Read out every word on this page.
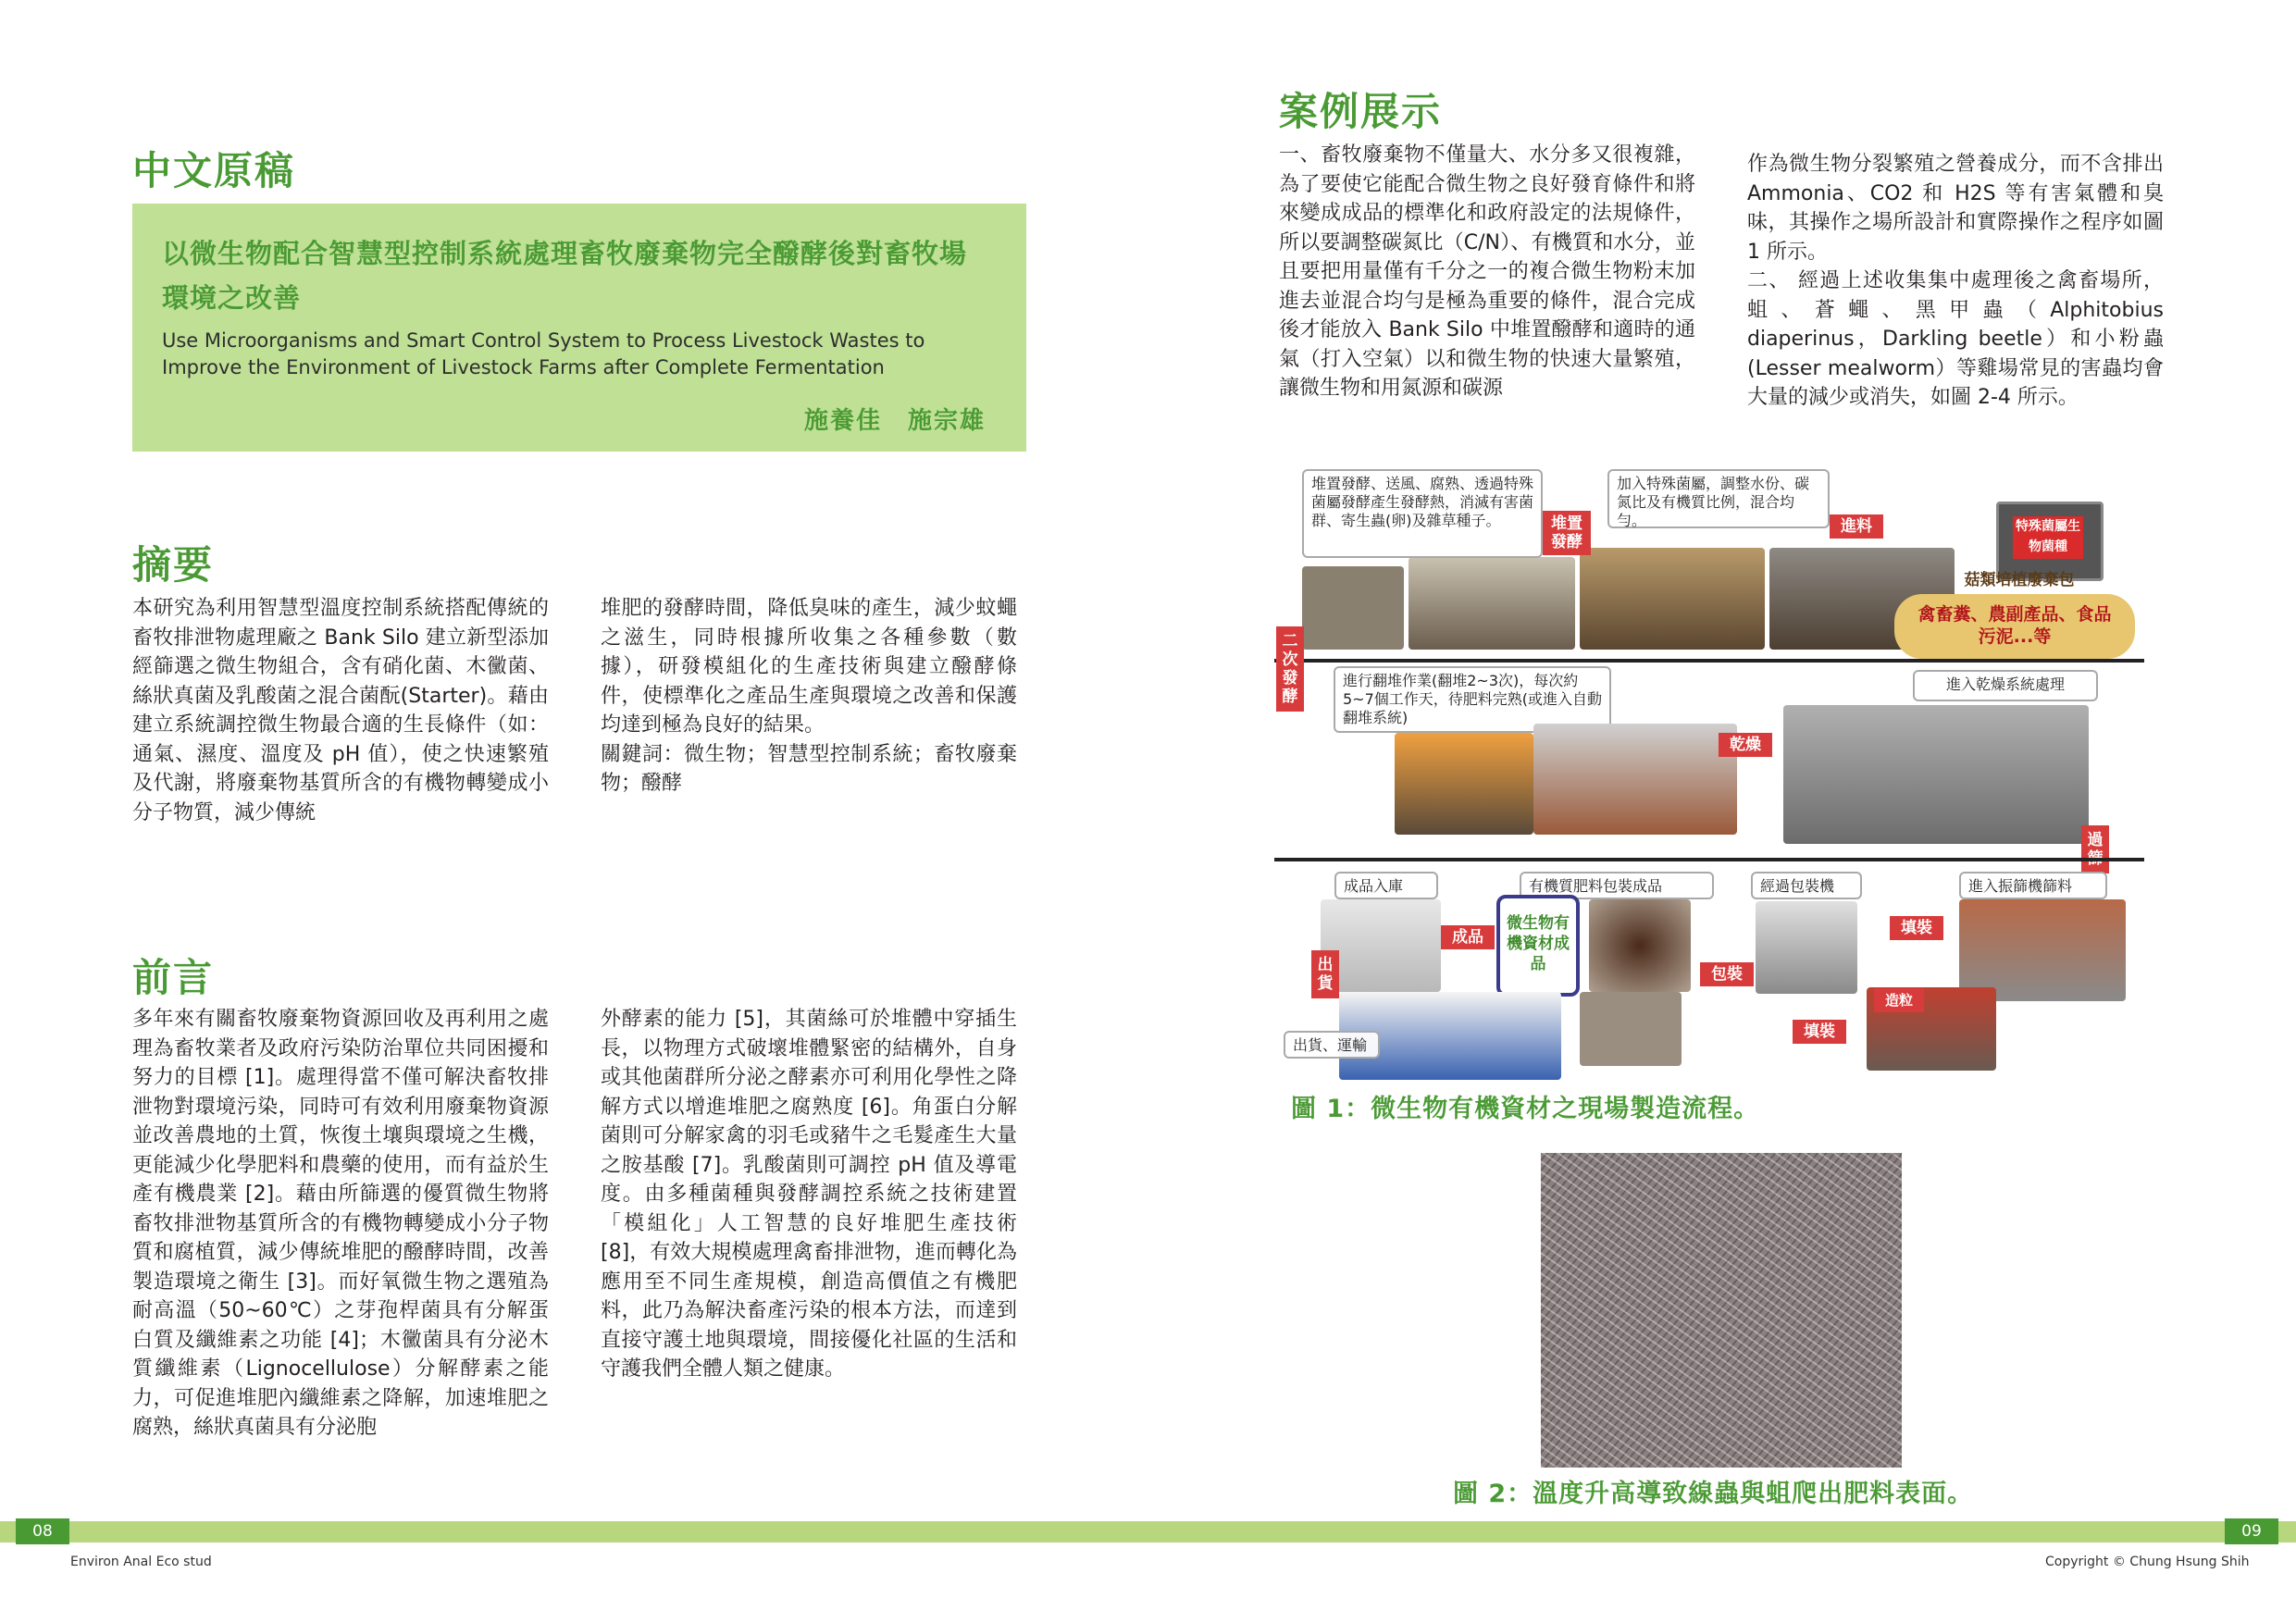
中文原稿
以微生物配合智慧型控制系統處理畜牧廢棄物完全醱酵後對畜牧場環境之改善
Use Microorganisms and Smart Control System to Process Livestock Wastes to Improve the Environment of Livestock Farms after Complete Fermentation
施養佳　施宗雄
摘要

本研究為利用智慧型溫度控制系統搭配傳統的畜牧排泄物處理廠之 Bank Silo 建立新型添加經篩選之微生物組合，含有硝化菌、木黴菌、絲狀真菌及乳酸菌之混合菌酛(Starter)。藉由建立系統調控微生物最合適的生長條件（如：通氣、濕度、溫度及 pH 值），使之快速繁殖及代謝，將廢棄物基質所含的有機物轉變成小分子物質，減少傳統

堆肥的發酵時間，降低臭味的產生，減少蚊蠅之滋生，同時根據所收集之各種參數（數據），研發模組化的生產技術與建立醱酵條件，使標準化之產品生產與環境之改善和保護均達到極為良好的結果。

關鍵詞：微生物；智慧型控制系統；畜牧廢棄物；醱酵

前言

多年來有關畜牧廢棄物資源回收及再利用之處理為畜牧業者及政府污染防治單位共同困擾和努力的目標 [1]。處理得當不僅可解決畜牧排泄物對環境污染，同時可有效利用廢棄物資源並改善農地的土質，恢復土壤與環境之生機，更能減少化學肥料和農藥的使用，而有益於生產有機農業 [2]。藉由所篩選的優質微生物將畜牧排泄物基質所含的有機物轉變成小分子物質和腐植質，減少傳統堆肥的醱酵時間，改善製造環境之衛生 [3]。而好氧微生物之選殖為耐高溫（50~60℃）之芽孢桿菌具有分解蛋白質及纖維素之功能 [4]；木黴菌具有分泌木質纖維素（Lignocellulose）分解酵素之能力，可促進堆肥內纖維素之降解，加速堆肥之腐熟，絲狀真菌具有分泌胞

外酵素的能力 [5]，其菌絲可於堆體中穿插生長，以物理方式破壞堆體緊密的結構外，自身或其他菌群所分泌之酵素亦可利用化學性之降解方式以增進堆肥之腐熟度 [6]。角蛋白分解菌則可分解家禽的羽毛或豬牛之毛髮產生大量之胺基酸 [7]。乳酸菌則可調控 pH 值及導電度。由多種菌種與發酵調控系統之技術建置「模組化」人工智慧的良好堆肥生產技術 [8]，有效大規模處理禽畜排泄物，進而轉化為應用至不同生產規模，創造高價值之有機肥料，此乃為解決畜產污染的根本方法，而達到直接守護土地與環境，間接優化社區的生活和守護我們全體人類之健康。

案例展示

一、畜牧廢棄物不僅量大、水分多又很複雜，為了要使它能配合微生物之良好發育條件和將來變成成品的標準化和政府設定的法規條件，所以要調整碳氮比（C/N）、有機質和水分，並且要把用量僅有千分之一的複合微生物粉末加進去並混合均勻是極為重要的條件，混合完成後才能放入 Bank Silo 中堆置醱酵和適時的通氣（打入空氣）以和微生物的快速大量繁殖，讓微生物和用氮源和碳源

作為微生物分裂繁殖之營養成分，而不含排出 Ammonia、CO2 和 H2S 等有害氣體和臭味，其操作之場所設計和實際操作之程序如圖 1 所示。

二、 經過上述收集集中處理後之禽畜場所，蛆、蒼蠅、黑甲蟲（Alphitobius diaperinus，Darkling beetle）和小粉蟲(Lesser mealworm）等雞場常見的害蟲均會大量的減少或消失，如圖 2-4 所示。

特殊菌屬生物菌種
菇類培植廢棄包
禽畜糞、農副產品、食品污泥...等
堆置發酵、送風、腐熟、透過特殊菌屬發酵產生發酵熱，消滅有害菌群、寄生蟲(卵)及雜草種子。
加入特殊菌屬，調整水份、碳氮比及有機質比例，混合均勻。
堆置發酵
進料
二次發酵
進行翻堆作業(翻堆2~3次)，每次約5~7個工作天，待肥料完熟(或進入自動翻堆系統)
進入乾燥系統處理
乾燥
過
成品入庫	有機質肥料包裝成品	經過包裝機	進入振篩機篩料
成品
微生物有機資材成品
包裝
填裝
造粒
填裝
出貨
出貨、運輸
圖 1：微生物有機資材之現場製造流程。
圖 2：溫度升高導致線蟲與蛆爬出肥料表面。
08	09
Environ Anal Eco stud	Copyright © Chung Hsung Shih
